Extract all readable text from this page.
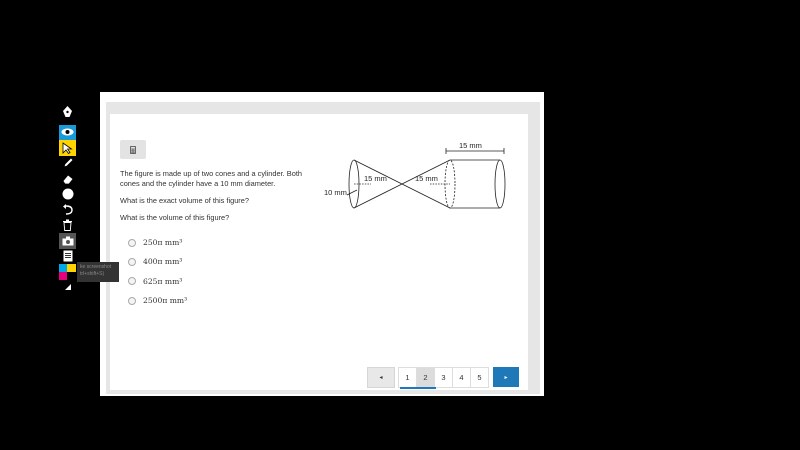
The figure is made up of two cones and a cylinder. Both cones and the cylinder have a 10 mm diameter.
What is the exact volume of this figure?
What is the volume of this figure?
250π mm³
400π mm³
625π mm³
2500π mm³
15 mm
15 mm	15 mm
10 mm
◂	1	2	3	4	5	▸
ke screenshot
trl+shift+S)
